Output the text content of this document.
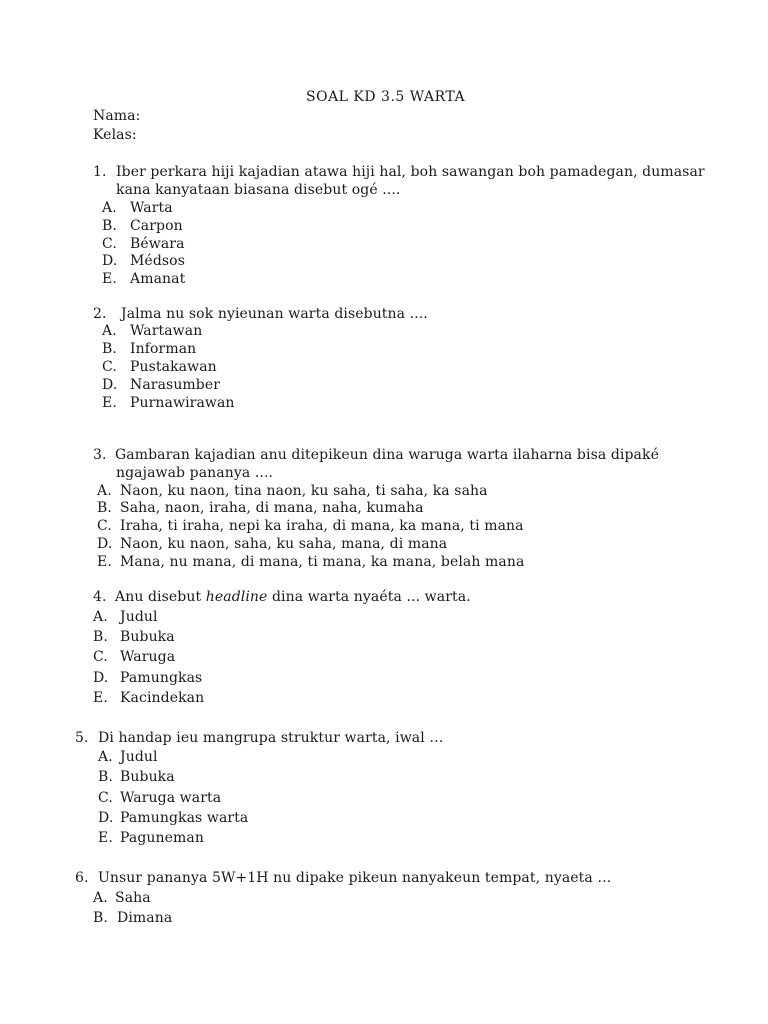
SOAL KD 3.5 WARTA
Nama:
Kelas:
1. Iber perkara hiji kajadian atawa hiji hal, boh sawangan boh pamadegan, dumasar
kana kanyataan biasana disebut ogé ....
A. Warta
B. Carpon
C. Béwara
D. Médsos
E. Amanat
2. Jalma nu sok nyieunan warta disebutna ....
A. Wartawan
B. Informan
C. Pustakawan
D. Narasumber
E. Purnawirawan
3. Gambaran kajadian anu ditepikeun dina waruga warta ilaharna bisa dipaké
ngajawab pananya ....
A. Naon, ku naon, tina naon, ku saha, ti saha, ka saha
B. Saha, naon, iraha, di mana, naha, kumaha
C. Iraha, ti iraha, nepi ka iraha, di mana, ka mana, ti mana
D. Naon, ku naon, saha, ku saha, mana, di mana
E. Mana, nu mana, di mana, ti mana, ka mana, belah mana
4. Anu disebut headline dina warta nyaéta ... warta.
A. Judul
B. Bubuka
C. Waruga
D. Pamungkas
E. Kacindekan
5. Di handap ieu mangrupa struktur warta, iwal …
A. Judul
B. Bubuka
C. Waruga warta
D. Pamungkas warta
E. Paguneman
6. Unsur pananya 5W+1H nu dipake pikeun nanyakeun tempat, nyaeta …
A. Saha
B. Dimana
